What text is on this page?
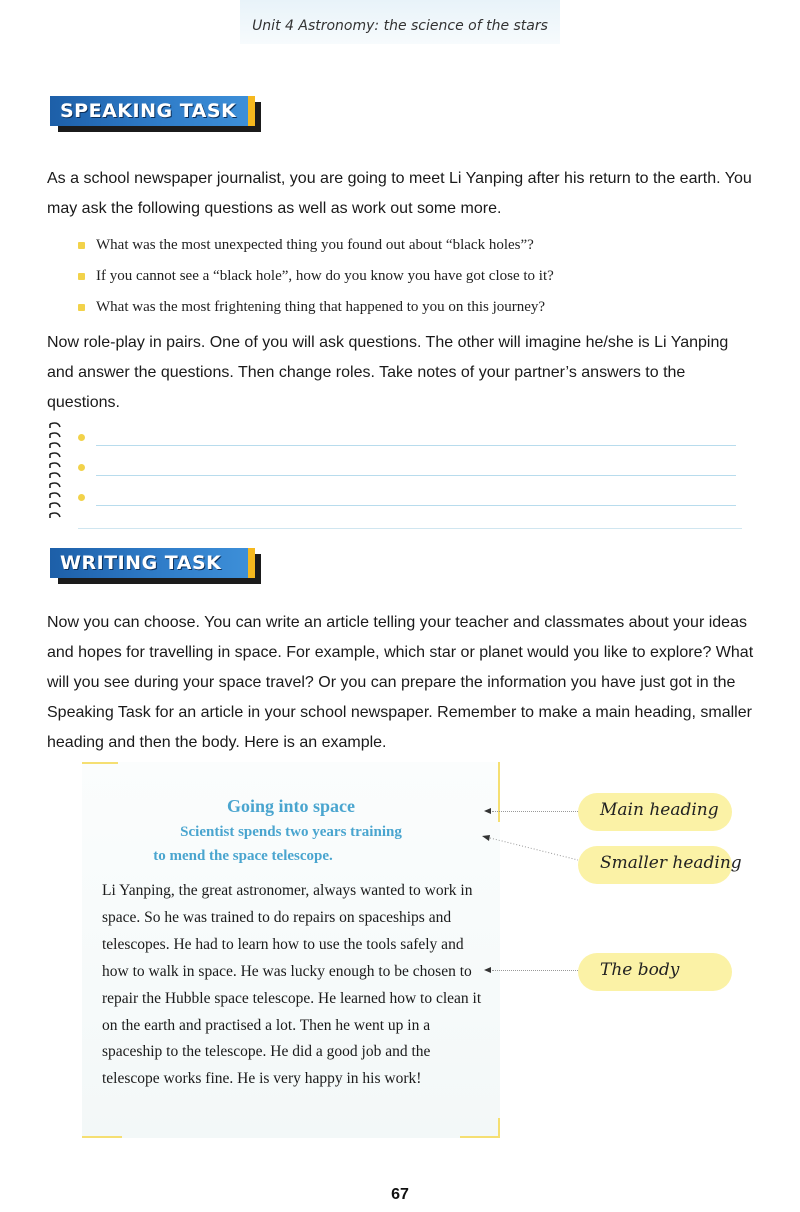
Unit 4 Astronomy: the science of the stars
SPEAKING TASK

As a school newspaper journalist, you are going to meet Li Yanping after his return to the earth. You may ask the following questions as well as work out some more.

What was the most unexpected thing you found out about “black holes”?
If you cannot see a “black hole”, how do you know you have got close to it?
What was the most frightening thing that happened to you on this journey?

Now role-play in pairs. One of you will ask questions. The other will imagine he/she is Li Yanping and answer the questions. Then change roles. Take notes of your partner’s answers to the questions.

WRITING TASK

Now you can choose. You can write an article telling your teacher and classmates about your ideas and hopes for travelling in space. For example, which star or planet would you like to explore? What will you see during your space travel? Or you can prepare the information you have just got in the Speaking Task for an article in your school newspaper. Remember to make a main heading, smaller heading and then the body. Here is an example.

Going into space
Scientist spends two years training
to mend the space telescope.

Li Yanping, the great astronomer, always wanted to work in space. So he was trained to do repairs on spaceships and telescopes. He had to learn how to use the tools safely and how to walk in space. He was lucky enough to be chosen to repair the Hubble space telescope. He learned how to clean it on the earth and practised a lot. Then he went up in a spaceship to the telescope. He did a good job and the telescope works fine. He is very happy in his work!

Main heading
Smaller heading
The body
67
